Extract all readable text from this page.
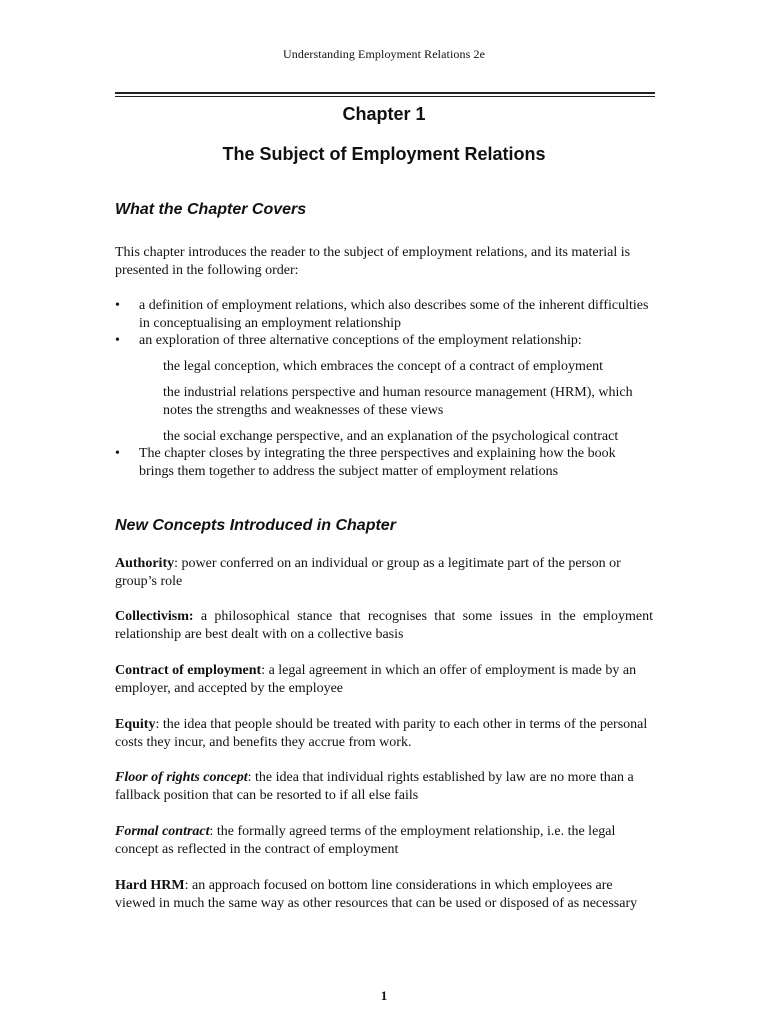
Understanding Employment Relations 2e
Chapter 1
The Subject of Employment Relations
What the Chapter Covers
This chapter introduces the reader to the subject of employment relations, and its material is presented in the following order:
•	a definition of employment relations, which also describes some of the inherent difficulties in conceptualising an employment relationship
•	an exploration of three alternative conceptions of the employment relationship:
the legal conception, which embraces the concept of a contract of employment
the industrial relations perspective and human resource management (HRM), which notes the strengths and weaknesses of these views
the social exchange perspective, and an explanation of the psychological contract
•	The chapter closes by integrating the three perspectives and explaining how the book brings them together to address the subject matter of employment relations
New Concepts Introduced in Chapter
Authority: power conferred on an individual or group as a legitimate part of the person or group’s role
Collectivism: a philosophical stance that recognises that some issues in the employment relationship are best dealt with on a collective basis
Contract of employment: a legal agreement in which an offer of employment is made by an employer, and accepted by the employee
Equity: the idea that people should be treated with parity to each other in terms of the personal costs they incur, and benefits they accrue from work.
Floor of rights concept: the idea that individual rights established by law are no more than a fallback position that can be resorted to if all else fails
Formal contract: the formally agreed terms of the employment relationship, i.e. the legal concept as reflected in the contract of employment
Hard HRM: an approach focused on bottom line considerations in which employees are viewed in much the same way as other resources that can be used or disposed of as necessary
1
